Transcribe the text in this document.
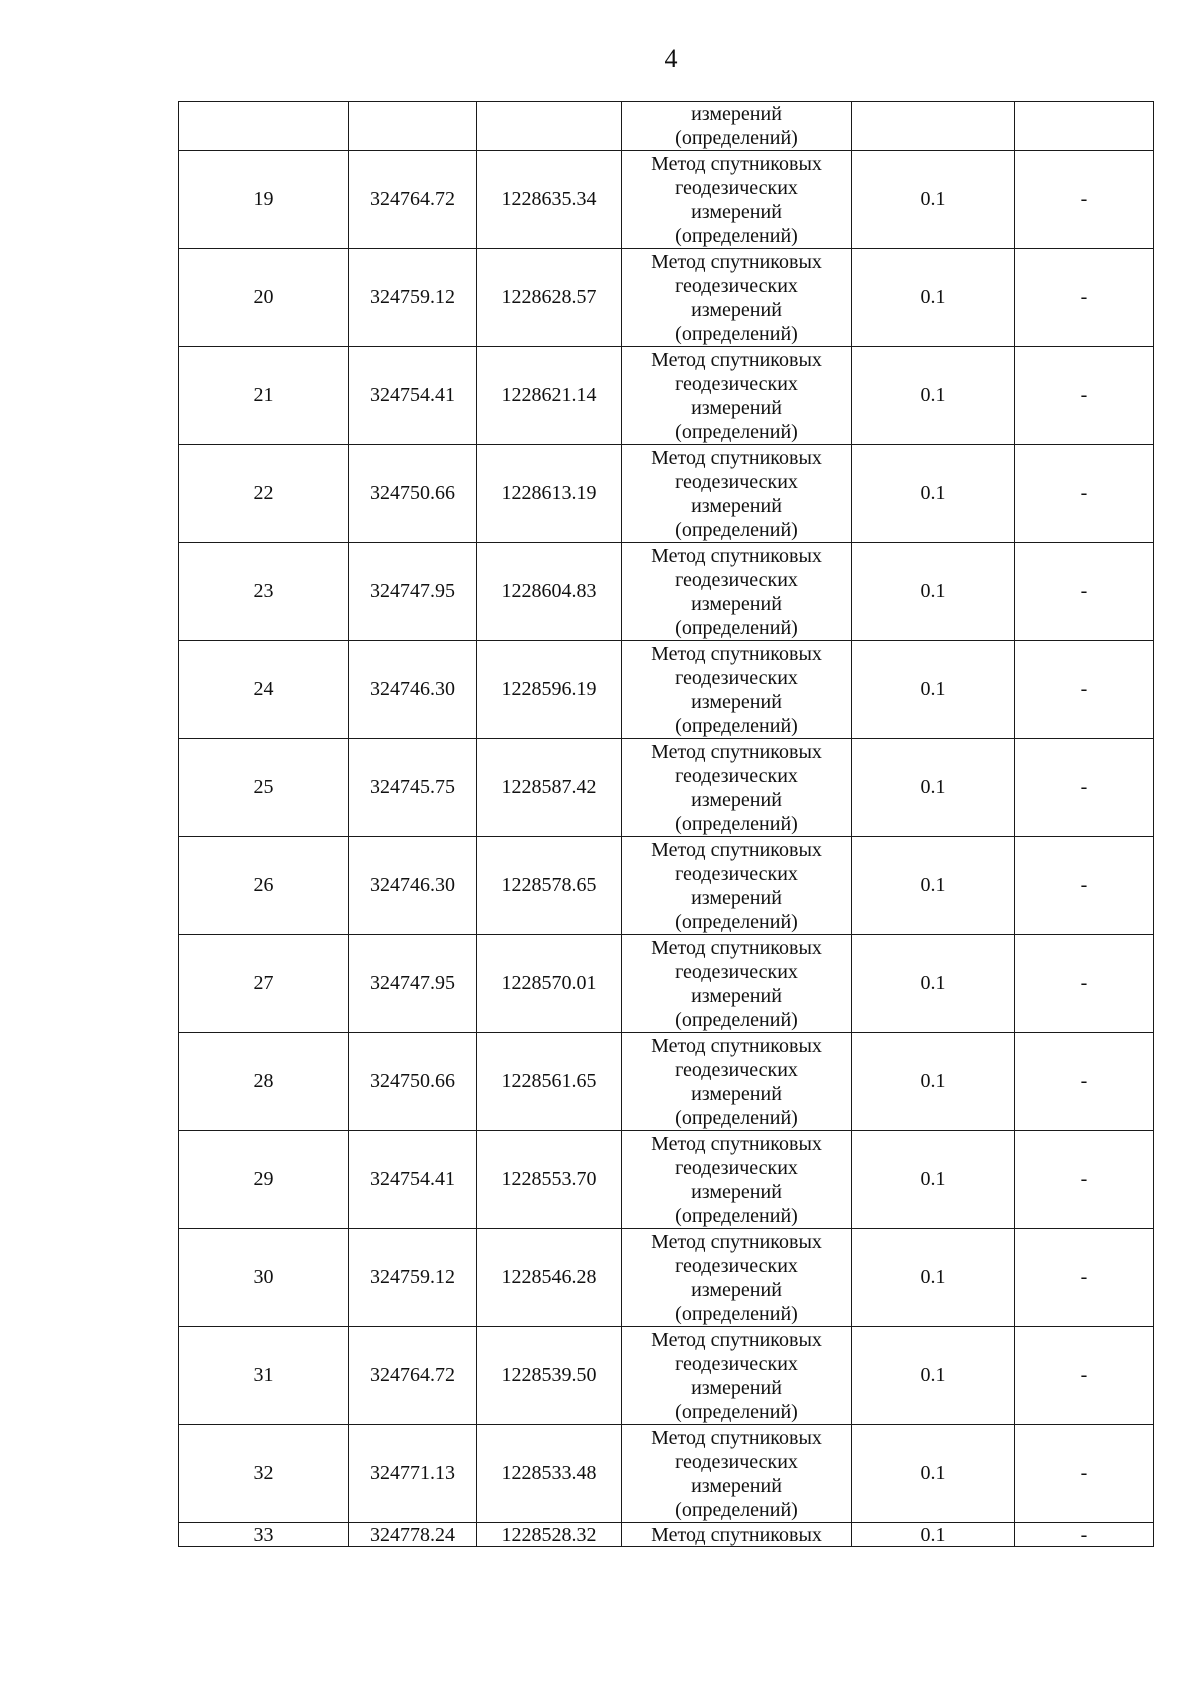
4

			измерений
(определений)		

19	324764.72	1228635.34	Метод спутниковых
геодезических
измерений
(определений)	0.1	-
20	324759.12	1228628.57	Метод спутниковых
геодезических
измерений
(определений)	0.1	-
21	324754.41	1228621.14	Метод спутниковых
геодезических
измерений
(определений)	0.1	-
22	324750.66	1228613.19	Метод спутниковых
геодезических
измерений
(определений)	0.1	-
23	324747.95	1228604.83	Метод спутниковых
геодезических
измерений
(определений)	0.1	-
24	324746.30	1228596.19	Метод спутниковых
геодезических
измерений
(определений)	0.1	-
25	324745.75	1228587.42	Метод спутниковых
геодезических
измерений
(определений)	0.1	-
26	324746.30	1228578.65	Метод спутниковых
геодезических
измерений
(определений)	0.1	-
27	324747.95	1228570.01	Метод спутниковых
геодезических
измерений
(определений)	0.1	-
28	324750.66	1228561.65	Метод спутниковых
геодезических
измерений
(определений)	0.1	-
29	324754.41	1228553.70	Метод спутниковых
геодезических
измерений
(определений)	0.1	-
30	324759.12	1228546.28	Метод спутниковых
геодезических
измерений
(определений)	0.1	-
31	324764.72	1228539.50	Метод спутниковых
геодезических
измерений
(определений)	0.1	-
32	324771.13	1228533.48	Метод спутниковых
геодезических
измерений
(определений)	0.1	-
33	324778.24	1228528.32	Метод спутниковых	0.1	-
